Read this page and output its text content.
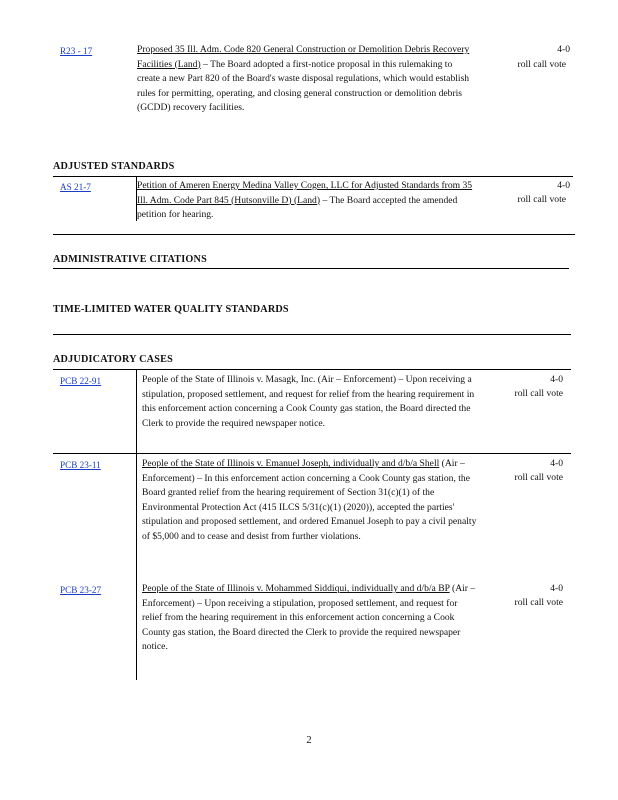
R23 - 17	Proposed 35 Ill. Adm. Code 820 General Construction or Demolition Debris Recovery Facilities (Land) – The Board adopted a first-notice proposal in this rulemaking to create a new Part 820 of the Board's waste disposal regulations, which would establish rules for permitting, operating, and closing general construction or demolition debris (GCDD) recovery facilities.
4-0
roll call vote
ADJUSTED STANDARDS
AS 21-7	Petition of Ameren Energy Medina Valley Cogen, LLC for Adjusted Standards from 35 Ill. Adm. Code Part 845 (Hutsonville D) (Land) – The Board accepted the amended petition for hearing.
4-0
roll call vote
ADMINISTRATIVE CITATIONS
TIME-LIMITED WATER QUALITY STANDARDS
ADJUDICATORY CASES
PCB 22-91	People of the State of Illinois v. Masagk, Inc. (Air – Enforcement) – Upon receiving a stipulation, proposed settlement, and request for relief from the hearing requirement in this enforcement action concerning a Cook County gas station, the Board directed the Clerk to provide the required newspaper notice.
4-0
roll call vote
PCB 23-11	People of the State of Illinois v. Emanuel Joseph, individually and d/b/a Shell (Air – Enforcement) – In this enforcement action concerning a Cook County gas station, the Board granted relief from the hearing requirement of Section 31(c)(1) of the Environmental Protection Act (415 ILCS 5/31(c)(1) (2020)), accepted the parties' stipulation and proposed settlement, and ordered Emanuel Joseph to pay a civil penalty of $5,000 and to cease and desist from further violations.
4-0
roll call vote
PCB 23-27	People of the State of Illinois v. Mohammed Siddiqui, individually and d/b/a BP (Air – Enforcement) – Upon receiving a stipulation, proposed settlement, and request for relief from the hearing requirement in this enforcement action concerning a Cook County gas station, the Board directed the Clerk to provide the required newspaper notice.
4-0
roll call vote
2
